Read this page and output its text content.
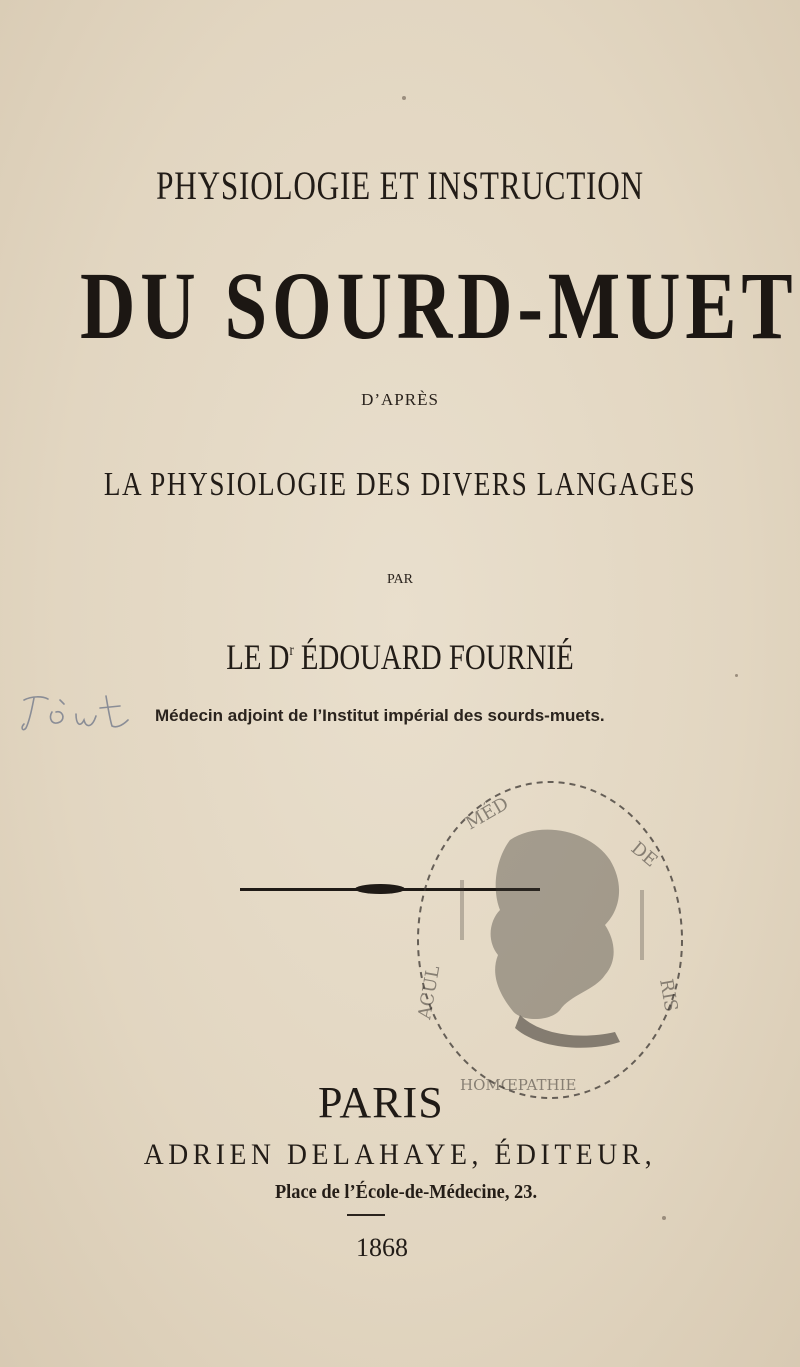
PHYSIOLOGIE ET INSTRUCTION
DU SOURD-MUET
D’APRÈS
LA PHYSIOLOGIE DES DIVERS LANGAGES
PAR
LE $D^r$ ÉDOUARD FOURNIÉ
Médecin adjoint de l’Institut impérial des sourds-muets.
MÉD
DE
ACUL	RIS
HOMŒPATHIE
PARIS
ADRIEN DELAHAYE, ÉDITEUR,
Place de l’École-de-Médecine, 23.
1868
